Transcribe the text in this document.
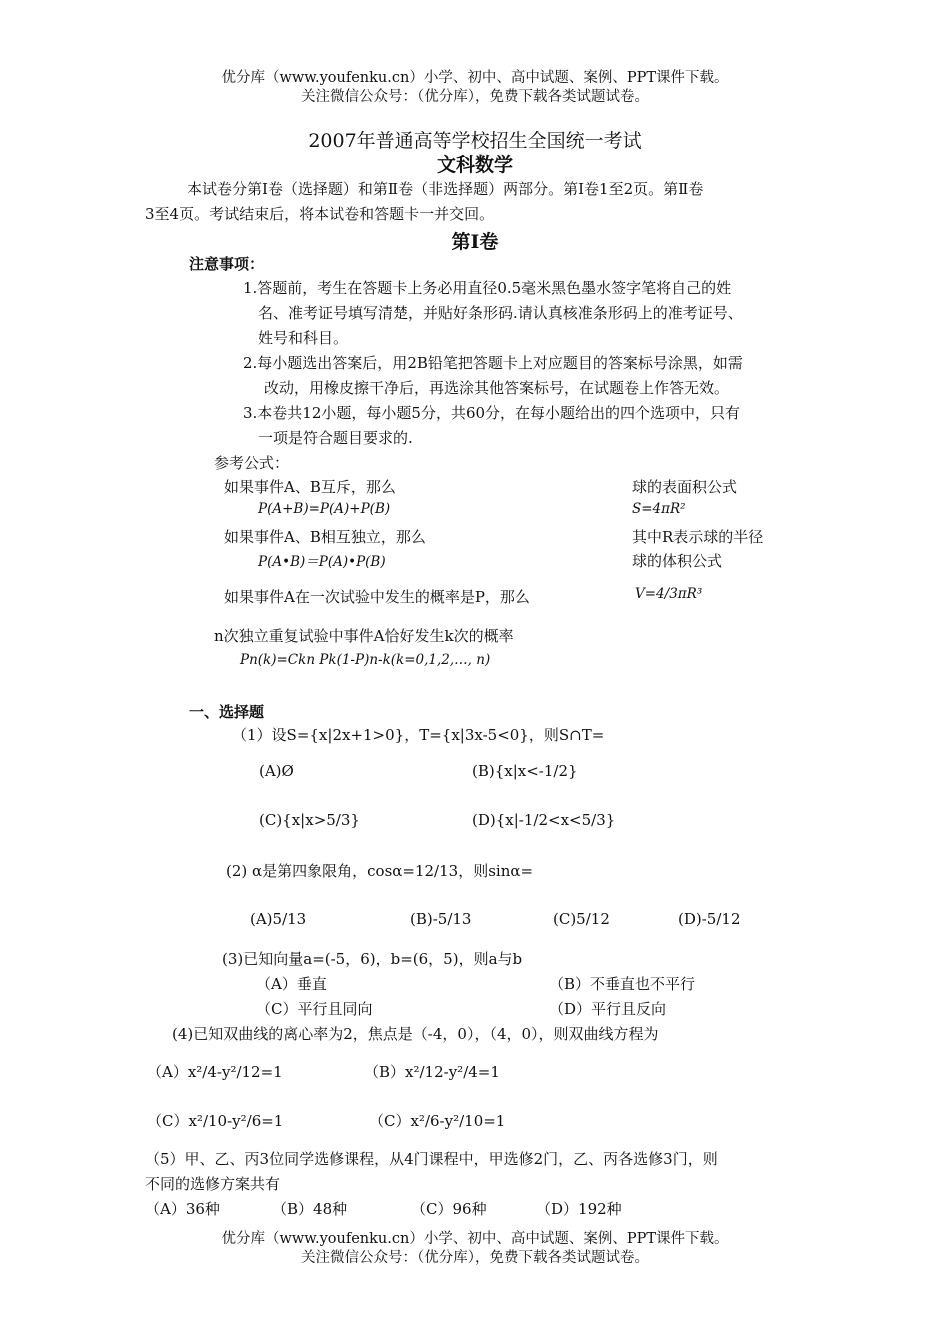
优分库（www.youfenku.cn）小学、初中、高中试题、案例、PPT课件下载。
关注微信公众号：（优分库），免费下载各类试题试卷。
2007年普通高等学校招生全国统一考试
文科数学
本试卷分第Ⅰ卷（选择题）和第Ⅱ卷（非选择题）两部分。第Ⅰ卷1至2页。第Ⅱ卷
3至4页。考试结束后，将本试卷和答题卡一并交回。
第Ⅰ卷
注意事项：
1.答题前，考生在答题卡上务必用直径0.5毫米黑色墨水签字笔将自己的姓
名、准考证号填写清楚，并贴好条形码.请认真核准条形码上的准考证号、
姓号和科目。
2.每小题选出答案后，用2B铅笔把答题卡上对应题目的答案标号涂黑，如需
改动，用橡皮擦干净后，再选涂其他答案标号，在试题卷上作答无效。
3.本卷共12小题，每小题5分，共60分，在每小题给出的四个选项中，只有
一项是符合题目要求的.
参考公式：
如果事件A、B互斥，那么
P(A+B)=P(A)+P(B)
如果事件A、B相互独立，那么
P(A•B)＝P(A)•P(B)
如果事件A在一次试验中发生的概率是P，那么
n次独立重复试验中事件A恰好发生k次的概率
Pn(k)=Ckn Pk(1-P)n-k(k=0,1,2,…, n)
球的表面积公式
S=4πR²
其中R表示球的半径
球的体积公式
V=4/3πR³
一、选择题
（1）设S={x|2x+1>0}，T={x|3x-5<0}，则S∩T=
(A)Ø	(B){x|x<-1/2}
(C){x|x>5/3}	(D){x|-1/2<x<5/3}
(2) α是第四象限角，cosα=12/13，则sinα=
(A)5/13	(B)-5/13	(C)5/12	(D)-5/12
(3)已知向量a=(-5，6)，b=(6，5)，则a与b
（A）垂直	（B）不垂直也不平行
（C）平行且同向	（D）平行且反向
(4)已知双曲线的离心率为2，焦点是（-4，0），（4，0），则双曲线方程为
（A）x²/4-y²/12=1	（B）x²/12-y²/4=1
（C）x²/10-y²/6=1	（C）x²/6-y²/10=1
（5）甲、乙、丙3位同学选修课程，从4门课程中，甲选修2门，乙、丙各选修3门，则
不同的选修方案共有
（A）36种	（B）48种	（C）96种	（D）192种
优分库（www.youfenku.cn）小学、初中、高中试题、案例、PPT课件下载。
关注微信公众号：（优分库），免费下载各类试题试卷。
